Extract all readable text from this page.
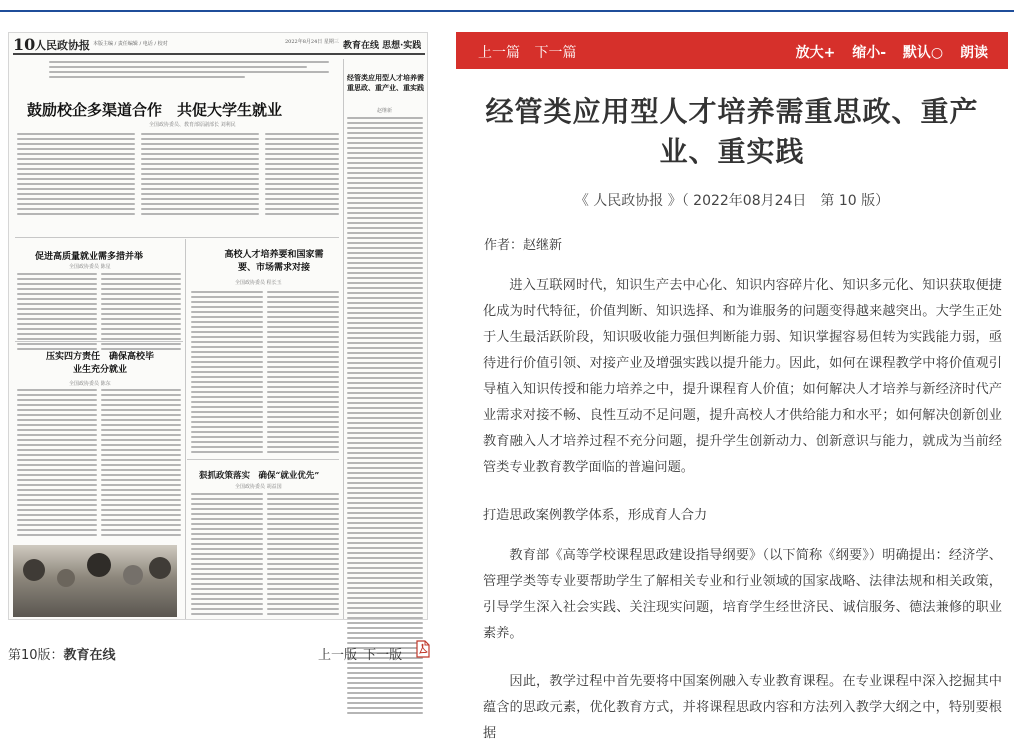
10 人民政协报 本版主编 / 责任编辑 / 电话 / 校对	2022年8月24日 星期三 教育在线 思想·实践
鼓励校企多渠道合作　共促大学生就业
全国政协委员、教育部原副部长 刘利民
经管类应用型人才培养需重思政、重产业、重实践
赵继新
促进高质量就业需多措并举
全国政协委员 陈星
高校人才培养要和国家需要、市场需求对接
全国政协委员 程长玉
压实四方责任　确保高校毕业生充分就业
全国政协委员 陈东
狠抓政策落实　确保“就业优先”
全国政协委员 胡益国
第10版：教育在线	上一版 下一版
上一篇 下一篇	放大+ 缩小- 默认○ 朗读
经管类应用型人才培养需重思政、重产业、重实践
《 人民政协报 》（ 2022年08月24日　第 10 版）
作者：赵继新

进入互联网时代，知识生产去中心化、知识内容碎片化、知识多元化、知识获取便捷化成为时代特征，价值判断、知识选择、和为谁服务的问题变得越来越突出。大学生正处于人生最活跃阶段，知识吸收能力强但判断能力弱、知识掌握容易但转为实践能力弱，亟待进行价值引领、对接产业及增强实践以提升能力。因此，如何在课程教学中将价值观引导植入知识传授和能力培养之中，提升课程育人价值；如何解决人才培养与新经济时代产业需求对接不畅、良性互动不足问题，提升高校人才供给能力和水平；如何解决创新创业教育融入人才培养过程不充分问题，提升学生创新动力、创新意识与能力，就成为当前经管类专业教育教学面临的普遍问题。

打造思政案例教学体系，形成育人合力

教育部《高等学校课程思政建设指导纲要》（以下简称《纲要》）明确提出：经济学、管理学类等专业要帮助学生了解相关专业和行业领域的国家战略、法律法规和相关政策，引导学生深入社会实践、关注现实问题，培育学生经世济民、诚信服务、德法兼修的职业素养。

因此，教学过程中首先要将中国案例融入专业教育课程。在专业课程中深入挖掘其中蕴含的思政元素，优化教育方式，并将课程思政内容和方法列入教学大纲之中，特别要根据
